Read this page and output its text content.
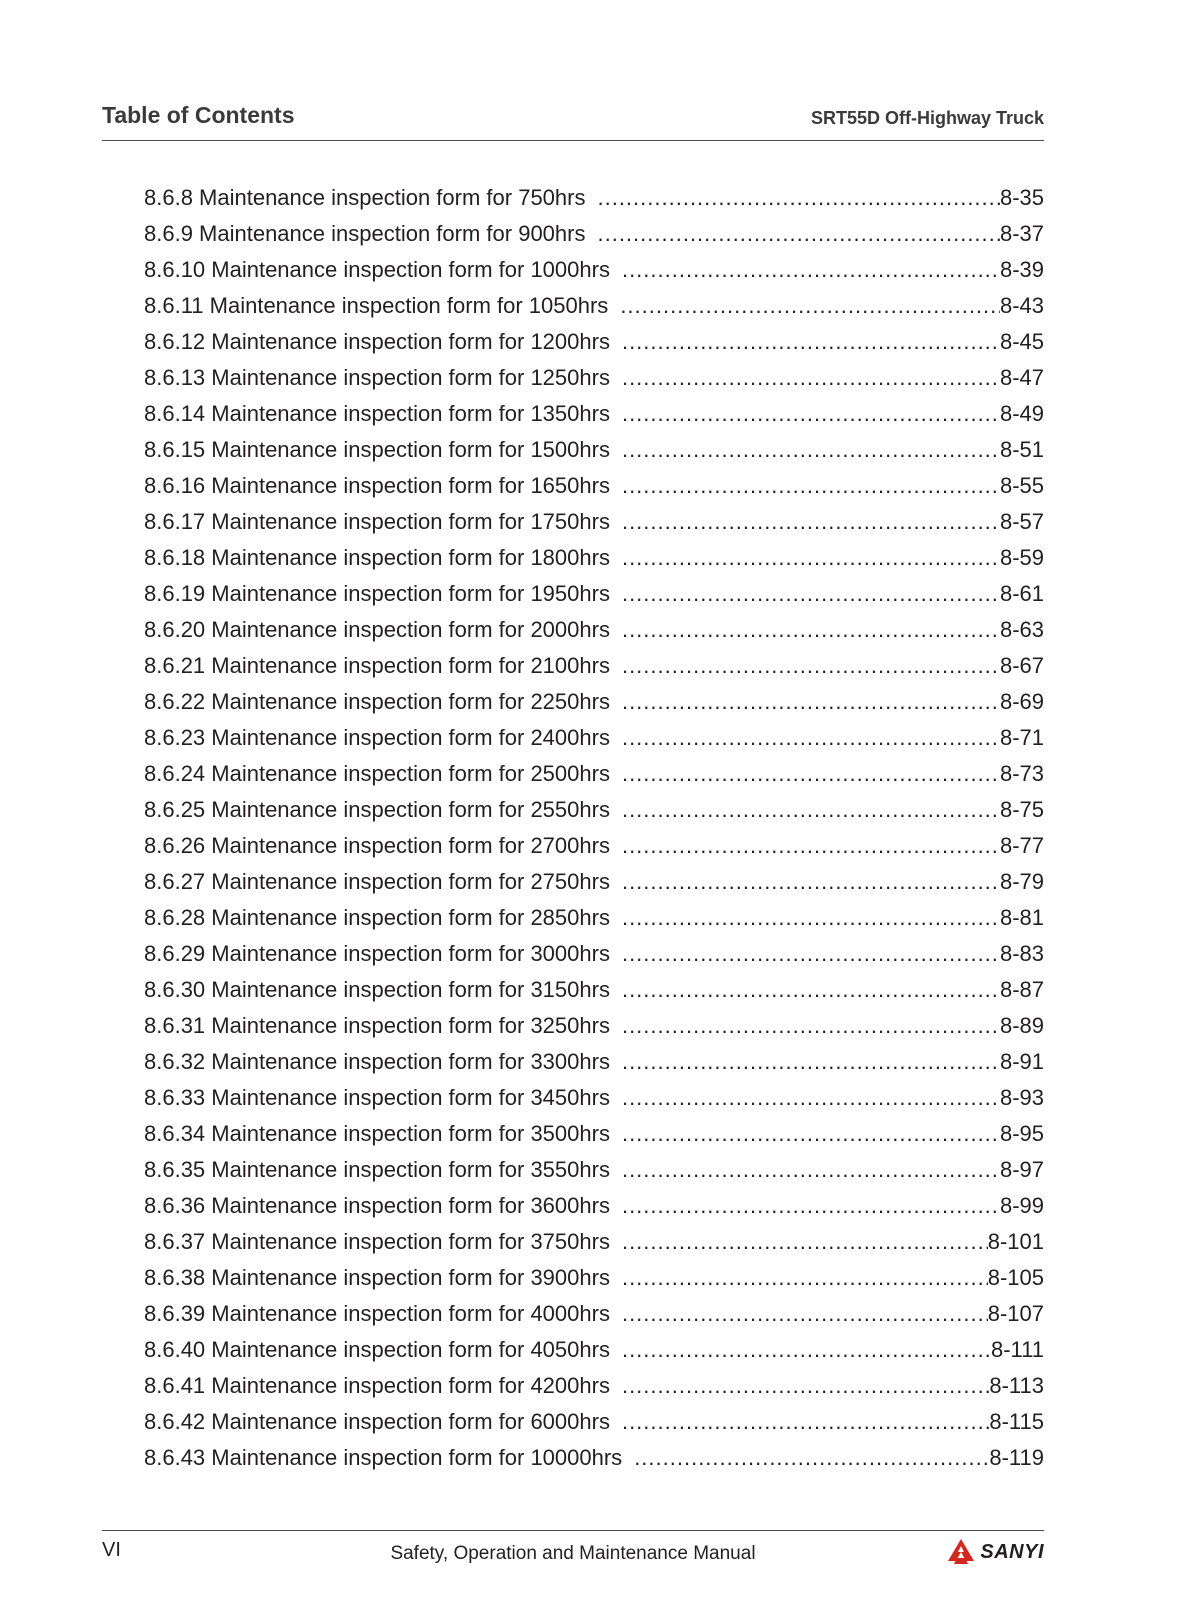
Table of Contents	SRT55D Off-Highway Truck
8.6.8 Maintenance inspection form for 750hrs .....	8-35
8.6.9 Maintenance inspection form for 900hrs .....	8-37
8.6.10 Maintenance inspection form for 1000hrs .....	8-39
8.6.11 Maintenance inspection form for 1050hrs .....	8-43
8.6.12 Maintenance inspection form for 1200hrs .....	8-45
8.6.13 Maintenance inspection form for 1250hrs .....	8-47
8.6.14 Maintenance inspection form for 1350hrs .....	8-49
8.6.15 Maintenance inspection form for 1500hrs .....	8-51
8.6.16 Maintenance inspection form for 1650hrs .....	8-55
8.6.17 Maintenance inspection form for 1750hrs .....	8-57
8.6.18 Maintenance inspection form for 1800hrs .....	8-59
8.6.19 Maintenance inspection form for 1950hrs .....	8-61
8.6.20 Maintenance inspection form for 2000hrs .....	8-63
8.6.21 Maintenance inspection form for 2100hrs .....	8-67
8.6.22 Maintenance inspection form for 2250hrs .....	8-69
8.6.23 Maintenance inspection form for 2400hrs .....	8-71
8.6.24 Maintenance inspection form for 2500hrs .....	8-73
8.6.25 Maintenance inspection form for 2550hrs .....	8-75
8.6.26 Maintenance inspection form for 2700hrs .....	8-77
8.6.27 Maintenance inspection form for 2750hrs .....	8-79
8.6.28 Maintenance inspection form for 2850hrs .....	8-81
8.6.29 Maintenance inspection form for 3000hrs .....	8-83
8.6.30 Maintenance inspection form for 3150hrs .....	8-87
8.6.31 Maintenance inspection form for 3250hrs .....	8-89
8.6.32 Maintenance inspection form for 3300hrs .....	8-91
8.6.33 Maintenance inspection form for 3450hrs .....	8-93
8.6.34 Maintenance inspection form for 3500hrs .....	8-95
8.6.35 Maintenance inspection form for 3550hrs .....	8-97
8.6.36 Maintenance inspection form for 3600hrs .....	8-99
8.6.37 Maintenance inspection form for 3750hrs .....	8-101
8.6.38 Maintenance inspection form for 3900hrs .....	8-105
8.6.39 Maintenance inspection form for 4000hrs .....	8-107
8.6.40 Maintenance inspection form for 4050hrs .....	8-111
8.6.41 Maintenance inspection form for 4200hrs .....	8-113
8.6.42 Maintenance inspection form for 6000hrs .....	8-115
8.6.43 Maintenance inspection form for 10000hrs .....	8-119
VI	Safety, Operation and Maintenance Manual	SANYI
